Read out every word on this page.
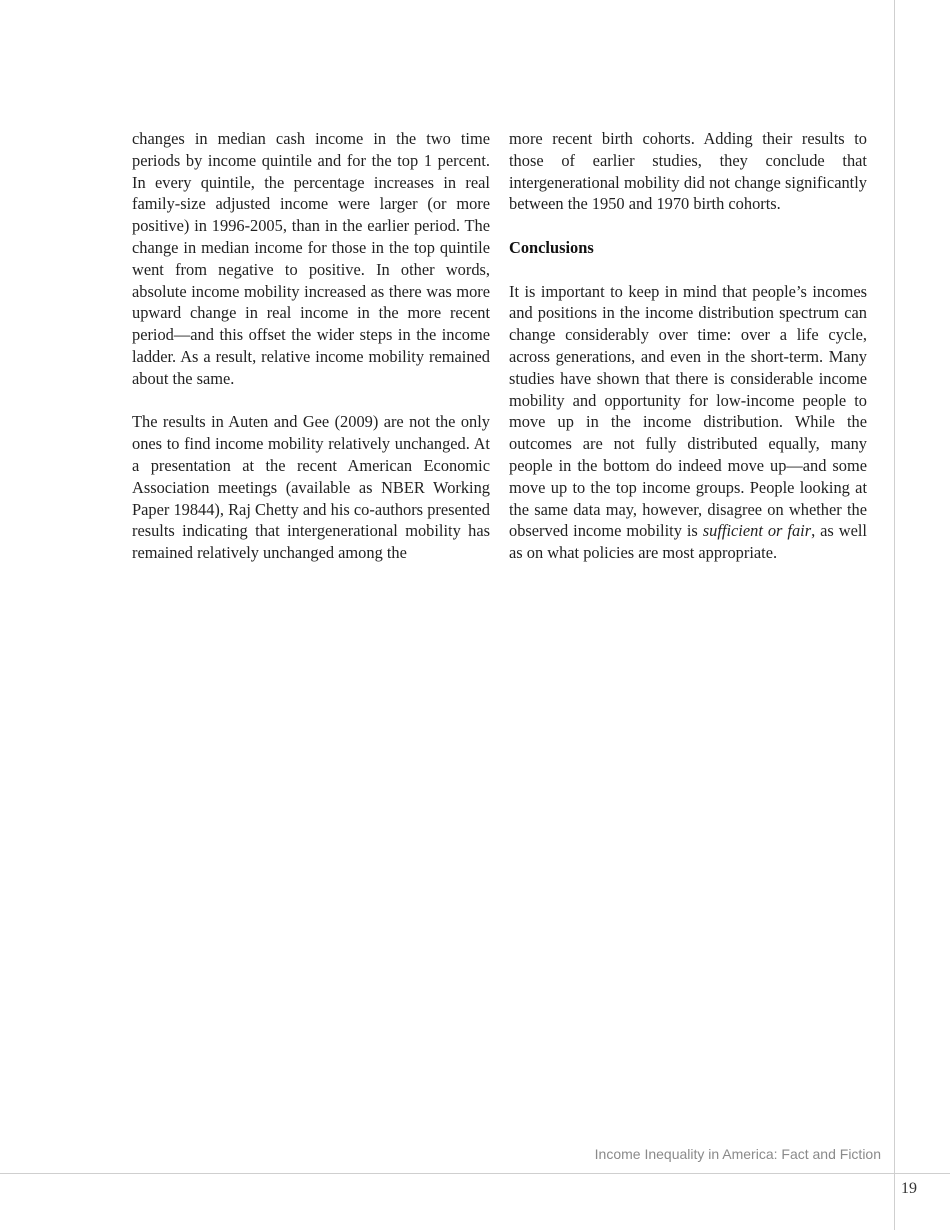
changes in median cash income in the two time periods by income quintile and for the top 1 percent. In every quintile, the percentage increases in real family-size adjusted income were larger (or more positive) in 1996-2005, than in the earlier period. The change in median income for those in the top quintile went from negative to positive. In other words, absolute income mobility increased as there was more upward change in real income in the more recent period—and this offset the wider steps in the income ladder. As a result, relative income mobility remained about the same.

The results in Auten and Gee (2009) are not the only ones to find income mobility relatively unchanged. At a presentation at the recent American Economic Association meetings (available as NBER Working Paper 19844), Raj Chetty and his co-authors presented results indicating that intergenerational mobility has remained relatively unchanged among the

more recent birth cohorts. Adding their results to those of earlier studies, they conclude that intergenerational mobility did not change significantly between the 1950 and 1970 birth cohorts.

Conclusions

It is important to keep in mind that people’s incomes and positions in the income distribution spectrum can change considerably over time: over a life cycle, across generations, and even in the short-term. Many studies have shown that there is considerable income mobility and opportunity for low-income people to move up in the income distribution. While the outcomes are not fully distributed equally, many people in the bottom do indeed move up—and some move up to the top income groups. People looking at the same data may, however, disagree on whether the observed income mobility is sufficient or fair, as well as on what policies are most appropriate.

Income Inequality in America: Fact and Fiction
19
